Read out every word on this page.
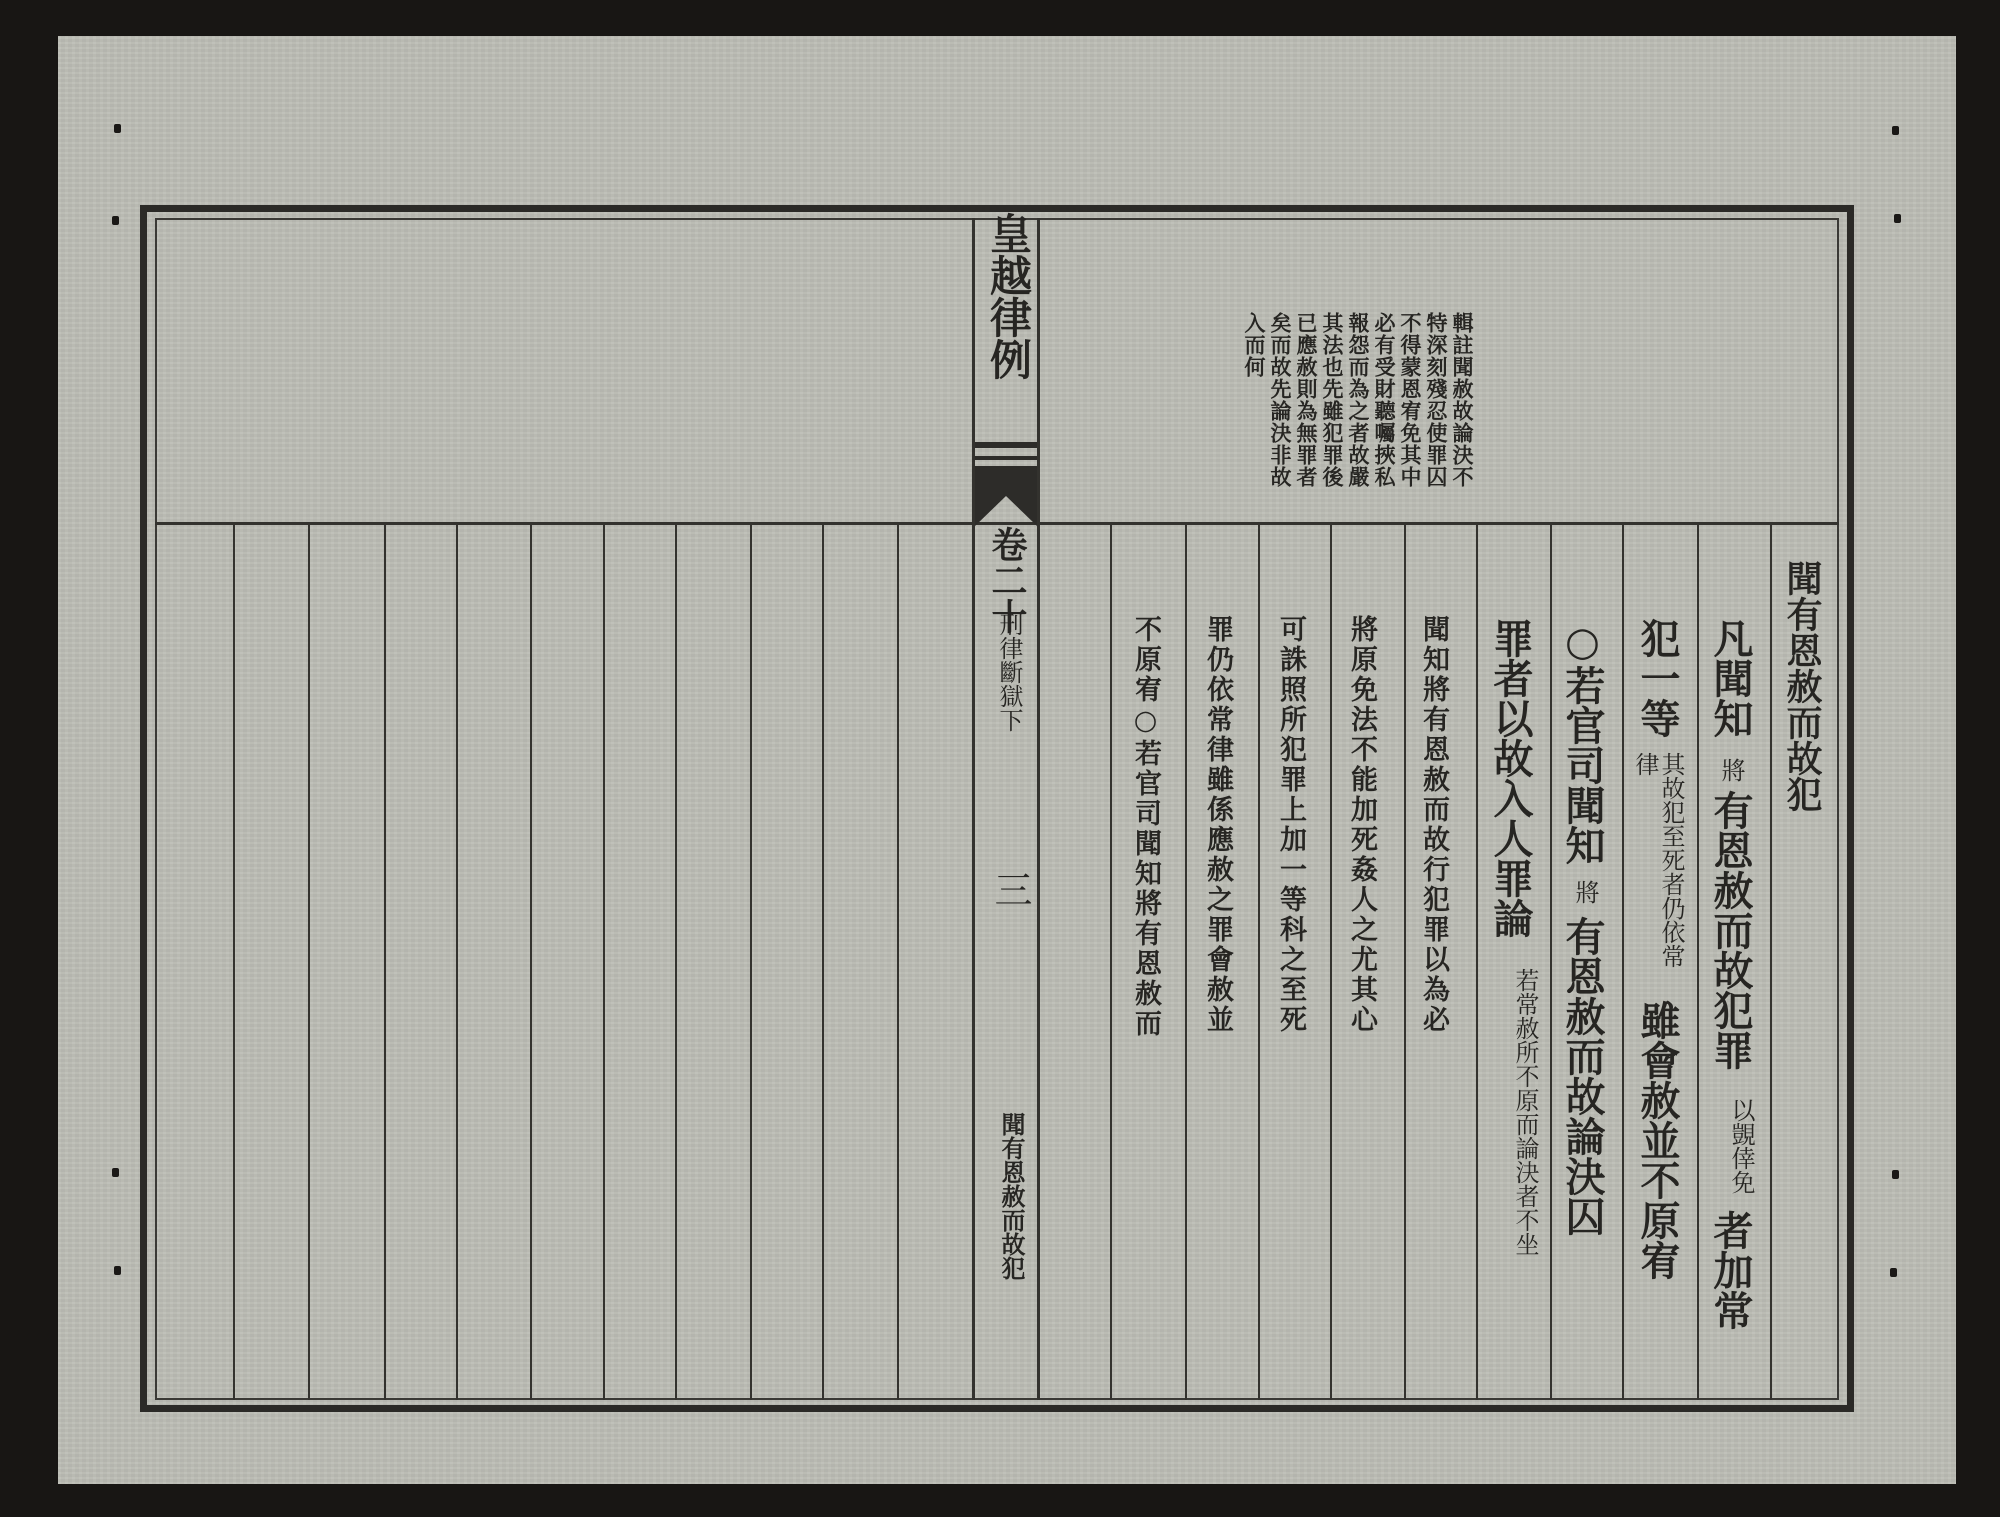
皇越律例
卷二十
刑律斷獄下
三
聞有恩赦而故犯
聞有恩赦而故犯
凡聞知
將
有恩赦而故犯罪
以覬倖免
者加常
犯一等
其故犯至死者仍依常律
雖會赦並不原宥
○若官司聞知
將
有恩赦而故論決囚
罪者以故入人罪論
若常赦所不原而論決者不坐
聞知將有恩赦而故行犯罪以為必
將原免法不能加死姦人之尤其心
可誅照所犯罪上加一等科之至死
罪仍依常律雖係應赦之罪會赦並
不原宥○若官司聞知將有恩赦而
輯註聞赦故論決不
特深刻殘忍使罪囚
不得蒙恩宥免其中
必有受財聽囑挾私
報怨而為之者故嚴
其法也先雖犯罪後
已應赦則為無罪者
矣而故先論決非故
入而何
